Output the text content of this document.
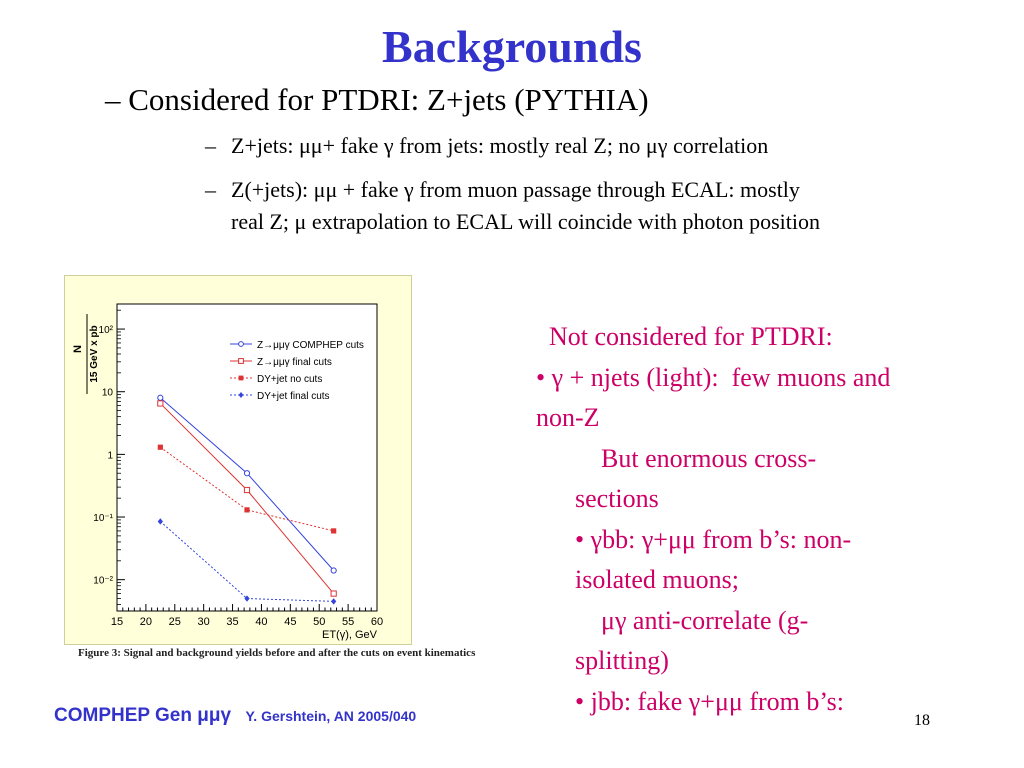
Backgrounds
– Considered for PTDRI: Z+jets (PYTHIA)
– Z+jets: μμ+ fake γ from jets: mostly real Z; no μγ correlation
– Z(+jets): μμ + fake γ from muon passage through ECAL: mostly
real Z; μ extrapolation to ECAL will coincide with photon position
15 20 25 30 35 40 45 50 55 60
10⁻²
10⁻¹
1
10
10²
ET(γ), GeV
N 15 GeV x pb	Z→μμγ COMPHEP cuts
Z→μμγ final cuts
DY+jet no cuts
DY+jet final cuts
Figure 3: Signal and background yields before and after the cuts on event kinematics
Not considered for PTDRI:
• γ + njets (light):  few muons and
non-Z
But enormous cross-
sections
• γbb: γ+μμ from b’s: non-
isolated muons;
μγ anti-correlate (g-
splitting)
• jbb: fake γ+μμ from b’s:
COMPHEP Gen μμγ Y. Gershtein, AN 2005/040	18
